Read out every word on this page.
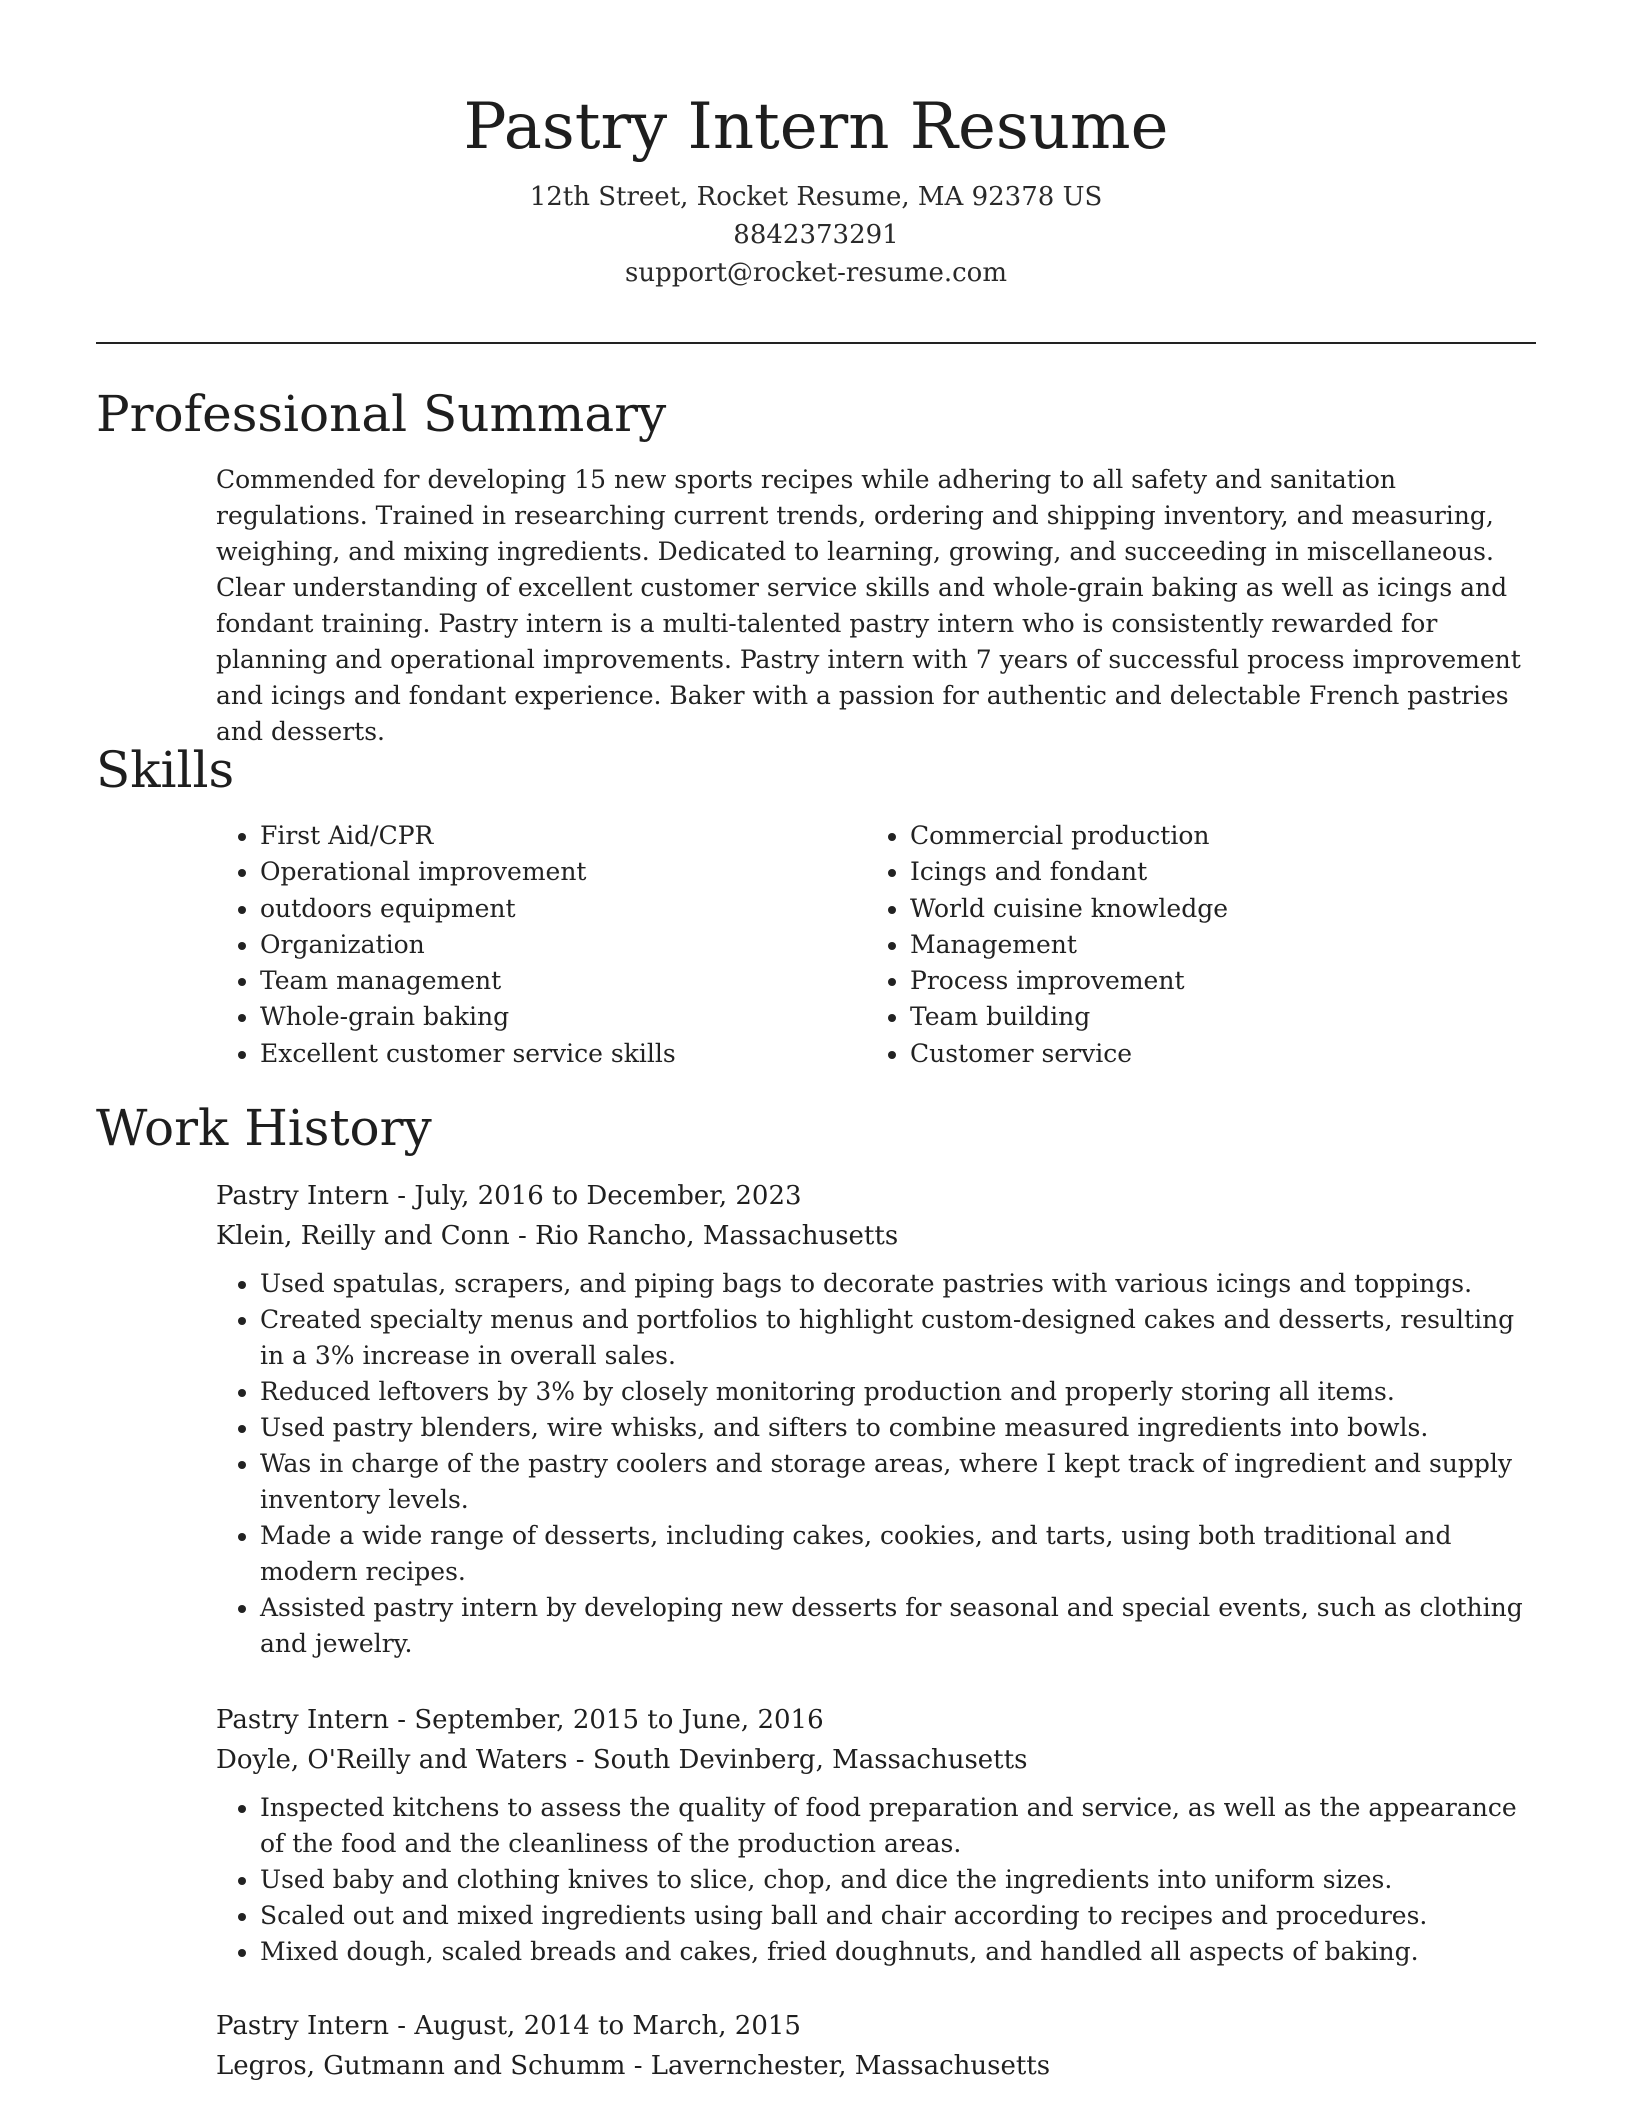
Pastry Intern Resume
12th Street, Rocket Resume, MA 92378 US
8842373291
support@rocket-resume.com
Professional Summary
Commended for developing 15 new sports recipes while adhering to all safety and sanitation regulations. Trained in researching current trends, ordering and shipping inventory, and measuring, weighing, and mixing ingredients. Dedicated to learning, growing, and succeeding in miscellaneous. Clear understanding of excellent customer service skills and whole-grain baking as well as icings and fondant training. Pastry intern is a multi-talented pastry intern who is consistently rewarded for planning and operational improvements. Pastry intern with 7 years of successful process improvement and icings and fondant experience. Baker with a passion for authentic and delectable French pastries and desserts.
Skills
• First Aid/CPR
• Operational improvement
• outdoors equipment
• Organization
• Team management
• Whole-grain baking
• Excellent customer service skills
• Commercial production
• Icings and fondant
• World cuisine knowledge
• Management
• Process improvement
• Team building
• Customer service
Work History
Pastry Intern - July, 2016 to December, 2023
Klein, Reilly and Conn - Rio Rancho, Massachusetts
• Used spatulas, scrapers, and piping bags to decorate pastries with various icings and toppings.
• Created specialty menus and portfolios to highlight custom-designed cakes and desserts, resulting in a 3% increase in overall sales.
• Reduced leftovers by 3% by closely monitoring production and properly storing all items.
• Used pastry blenders, wire whisks, and sifters to combine measured ingredients into bowls.
• Was in charge of the pastry coolers and storage areas, where I kept track of ingredient and supply inventory levels.
• Made a wide range of desserts, including cakes, cookies, and tarts, using both traditional and modern recipes.
• Assisted pastry intern by developing new desserts for seasonal and special events, such as clothing and jewelry.
Pastry Intern - September, 2015 to June, 2016
Doyle, O'Reilly and Waters - South Devinberg, Massachusetts
• Inspected kitchens to assess the quality of food preparation and service, as well as the appearance of the food and the cleanliness of the production areas.
• Used baby and clothing knives to slice, chop, and dice the ingredients into uniform sizes.
• Scaled out and mixed ingredients using ball and chair according to recipes and procedures.
• Mixed dough, scaled breads and cakes, fried doughnuts, and handled all aspects of baking.
Pastry Intern - August, 2014 to March, 2015
Legros, Gutmann and Schumm - Lavernchester, Massachusetts
